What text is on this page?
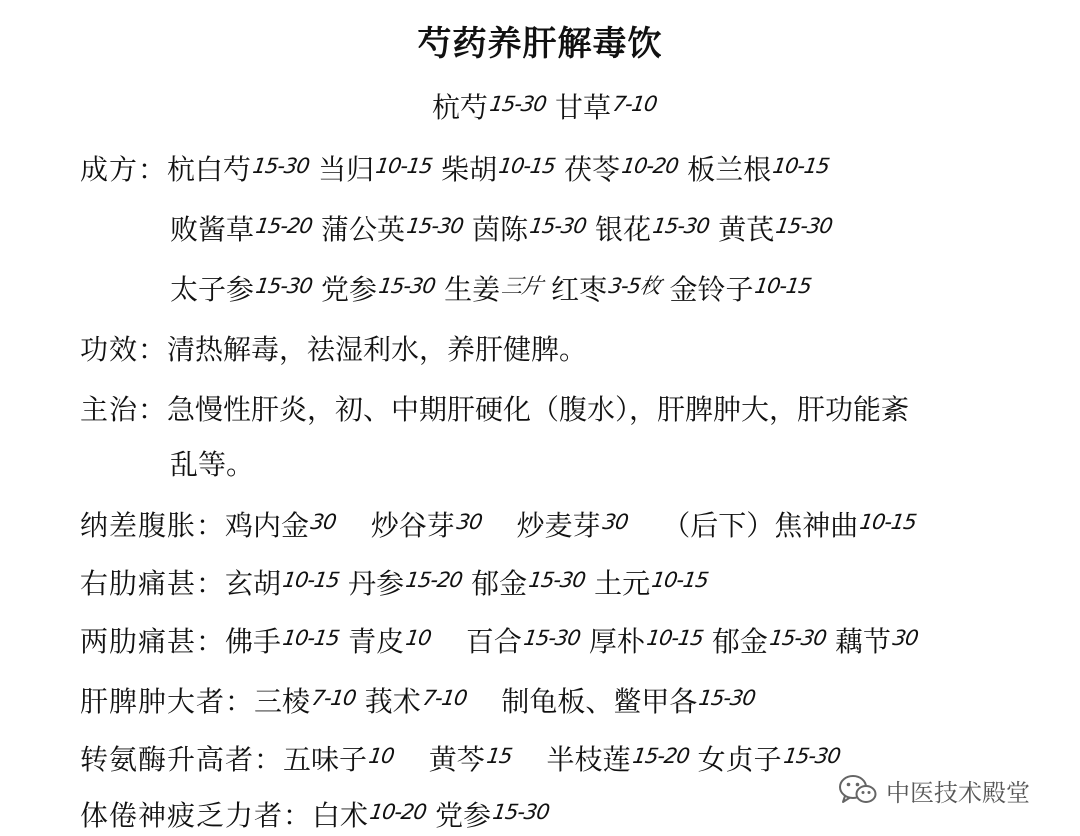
芍药养肝解毒饮
杭芍15-30 甘草7-10
成方：杭白芍15-30 当归10-15 柴胡10-15 茯苓10-20 板兰根10-15
败酱草15-20 蒲公英15-30 茵陈15-30 银花15-30 黄芪15-30
太子参15-30 党参15-30 生姜三片 红枣3-5枚 金铃子10-15
功效：清热解毒，祛湿利水，养肝健脾。
主治：急慢性肝炎，初、中期肝硬化（腹水），肝脾肿大，肝功能紊
乱等。
纳差腹胀：鸡内金30 炒谷芽30 炒麦芽30 （后下）焦神曲10-15
右肋痛甚：玄胡10-15 丹参15-20 郁金15-30 土元10-15
两肋痛甚：佛手10-15 青皮10 百合15-30 厚朴10-15 郁金15-30 藕节30
肝脾肿大者：三棱7-10 莪术7-10 制龟板、鳖甲各15-30
转氨酶升高者：五味子10 黄芩15 半枝莲15-20 女贞子15-30
体倦神疲乏力者：白术10-20 党参15-30
中医技术殿堂
